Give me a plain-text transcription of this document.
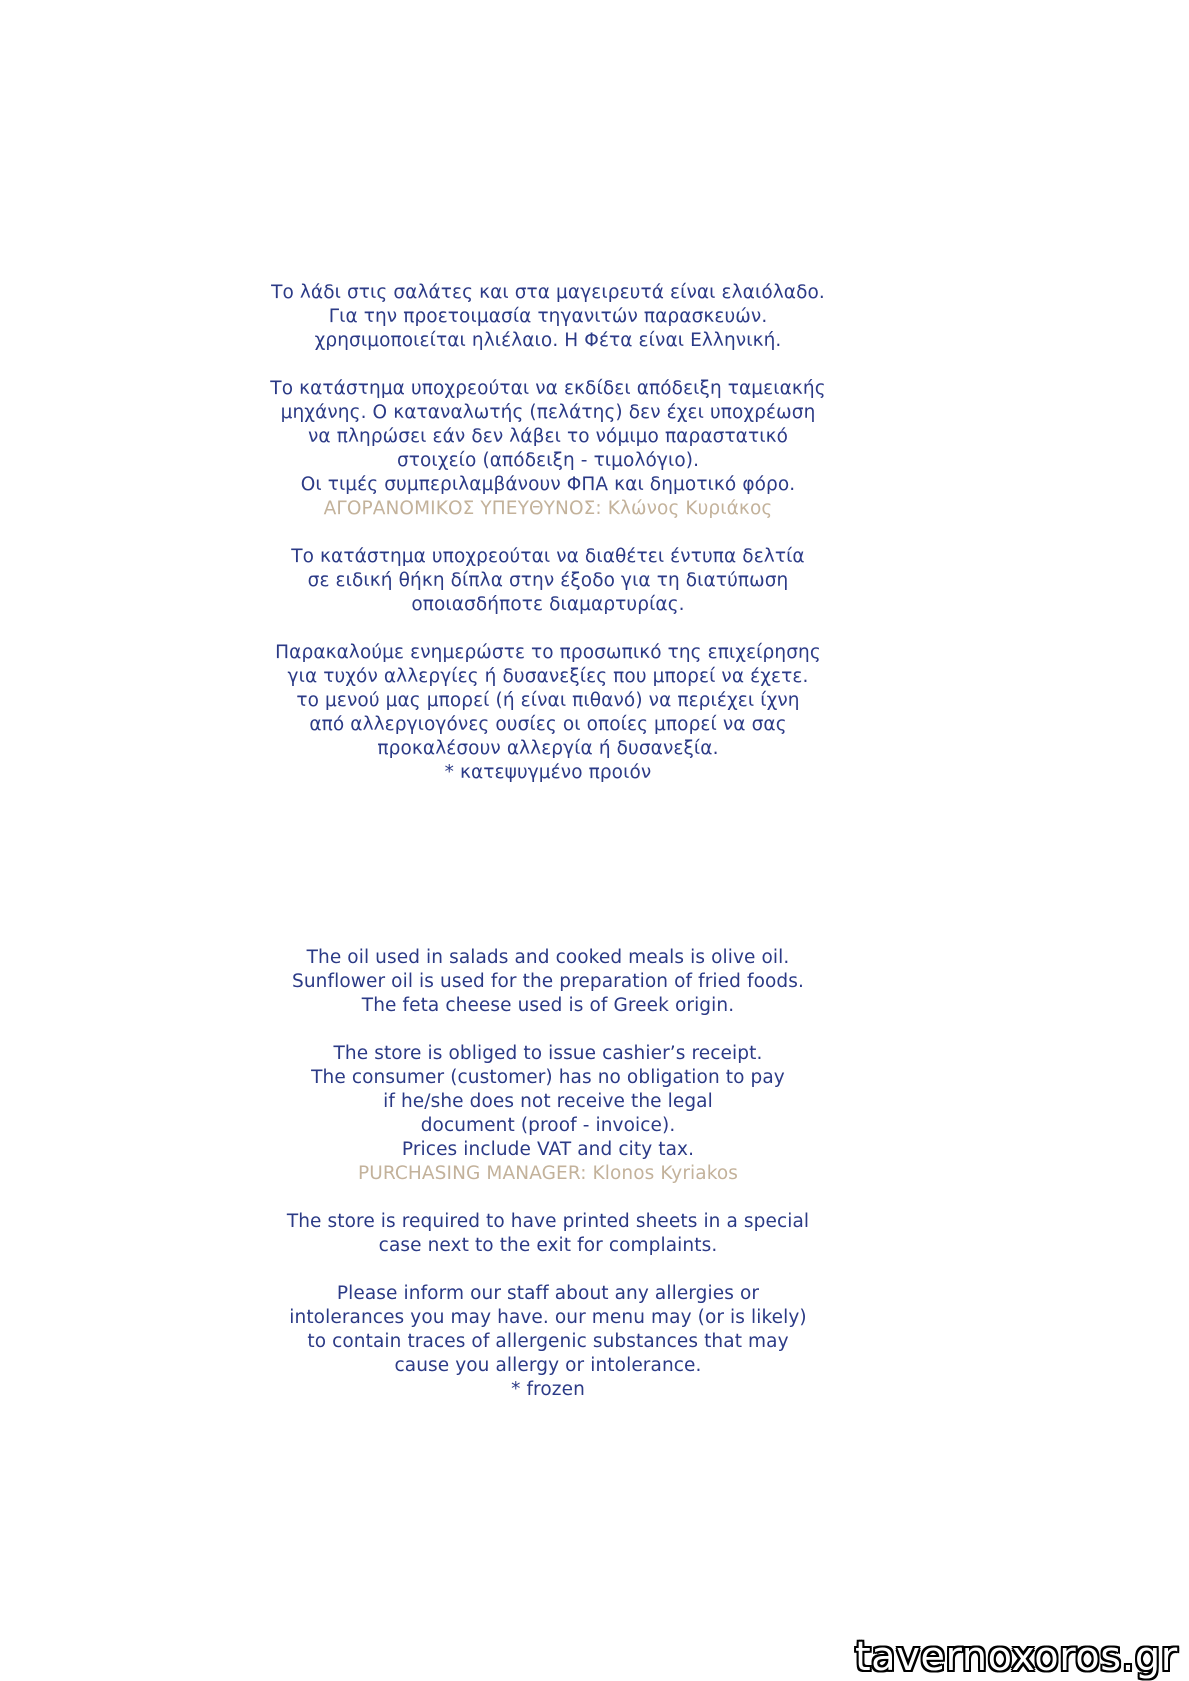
Το λάδι στις σαλάτες και στα μαγειρευτά είναι ελαιόλαδο.
Για την προετοιμασία τηγανιτών παρασκευών.
χρησιμοποιείται ηλιέλαιο. Η Φέτα είναι Ελληνική.
Το κατάστημα υποχρεούται να εκδίδει απόδειξη ταμειακής
μηχάνης. Ο καταναλωτής (πελάτης) δεν έχει υποχρέωση
να πληρώσει εάν δεν λάβει το νόμιμο παραστατικό
στοιχείο (απόδειξη - τιμολόγιο).
Οι τιμές συμπεριλαμβάνουν ΦΠΑ και δημοτικό φόρο.
ΑΓΟΡΑΝΟΜΙΚΟΣ ΥΠΕΥΘΥΝΟΣ: Κλώνος Κυριάκος
Το κατάστημα υποχρεούται να διαθέτει έντυπα δελτία
σε ειδική θήκη δίπλα στην έξοδο για τη διατύπωση
οποιασδήποτε διαμαρτυρίας.
Παρακαλούμε ενημερώστε το προσωπικό της επιχείρησης
για τυχόν αλλεργίες ή δυσανεξίες που μπορεί να έχετε.
το μενού μας μπορεί (ή είναι πιθανό) να περιέχει ίχνη
από αλλεργιογόνες ουσίες οι οποίες μπορεί να σας
προκαλέσουν αλλεργία ή δυσανεξία.
* κατεψυγμένο προιόν
The oil used in salads and cooked meals is olive oil.
Sunflower oil is used for the preparation of fried foods.
The feta cheese used is of Greek origin.
The store is obliged to issue cashier’s receipt.
The consumer (customer) has no obligation to pay
if he/she does not receive the legal
document (proof - invoice).
Prices include VAT and city tax.
PURCHASING MANAGER: Klonos Kyriakos
The store is required to have printed sheets in a special
case next to the exit for complaints.
Please inform our staff about any allergies or
intolerances you may have. our menu may (or is likely)
to contain traces of allergenic substances that may
cause you allergy or intolerance.
* frozen
tavernoxoros.gr
